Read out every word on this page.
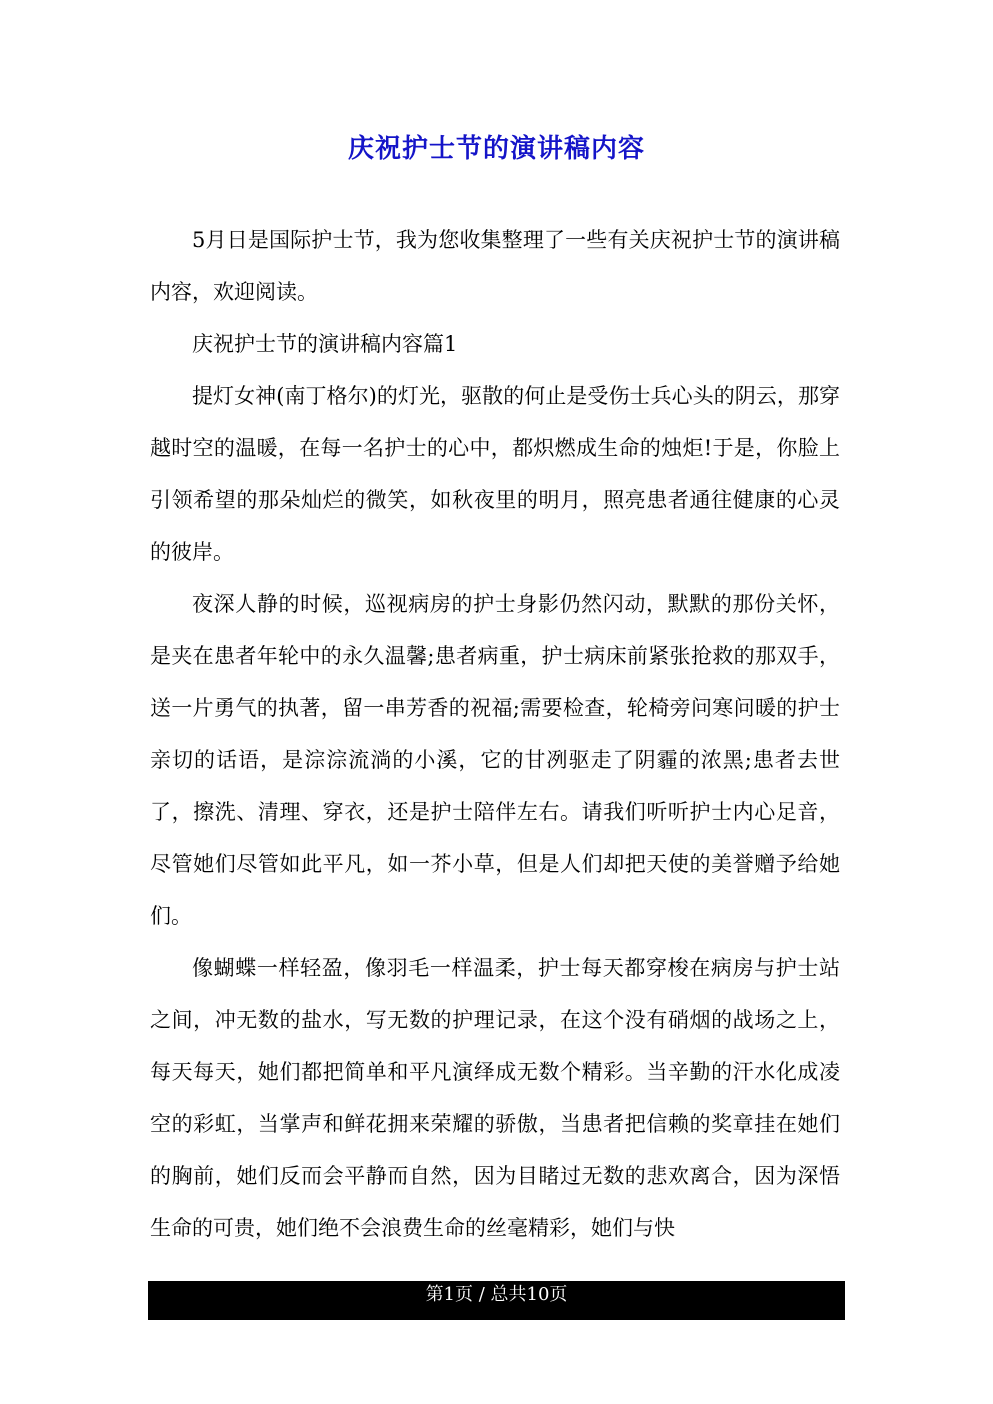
庆祝护士节的演讲稿内容

5月日是国际护士节，我为您收集整理了一些有关庆祝护士节的演讲稿内容，欢迎阅读。

庆祝护士节的演讲稿内容篇1

提灯女神(南丁格尔)的灯光，驱散的何止是受伤士兵心头的阴云，那穿越时空的温暖，在每一名护士的心中，都炽燃成生命的烛炬!于是，你脸上引领希望的那朵灿烂的微笑，如秋夜里的明月，照亮患者通往健康的心灵的彼岸。

夜深人静的时候，巡视病房的护士身影仍然闪动，默默的那份关怀，是夹在患者年轮中的永久温馨;患者病重，护士病床前紧张抢救的那双手，送一片勇气的执著，留一串芳香的祝福;需要检查，轮椅旁问寒问暖的护士亲切的话语，是淙淙流淌的小溪，它的甘冽驱走了阴霾的浓黑;患者去世了，擦洗、清理、穿衣，还是护士陪伴左右。请我们听听护士内心足音，尽管她们尽管如此平凡，如一芥小草，但是人们却把天使的美誉赠予给她们。

像蝴蝶一样轻盈，像羽毛一样温柔，护士每天都穿梭在病房与护士站之间，冲无数的盐水，写无数的护理记录，在这个没有硝烟的战场之上，每天每天，她们都把简单和平凡演绎成无数个精彩。当辛勤的汗水化成凌空的彩虹，当掌声和鲜花拥来荣耀的骄傲，当患者把信赖的奖章挂在她们的胸前，她们反而会平静而自然，因为目睹过无数的悲欢离合，因为深悟生命的可贵，她们绝不会浪费生命的丝毫精彩，她们与快

第1页 / 总共10页
